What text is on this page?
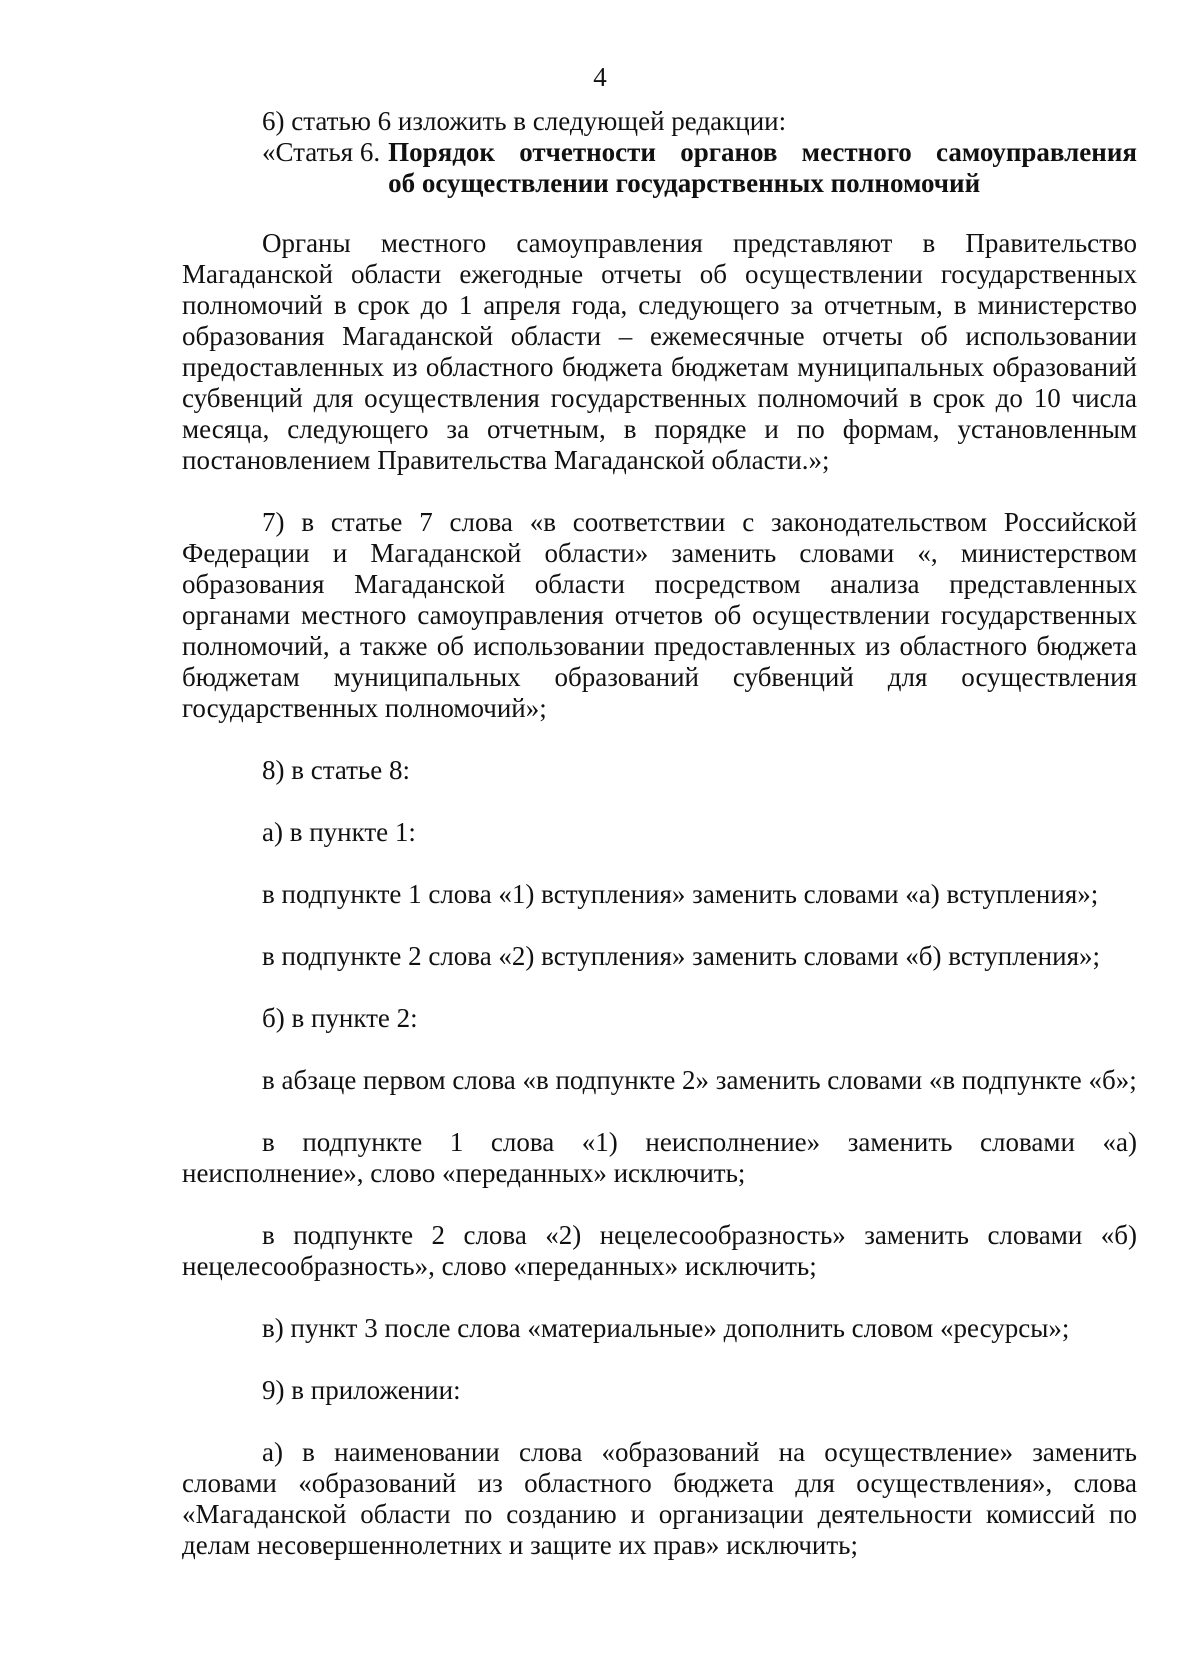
4

6) статью 6 изложить в следующей редакции:

«Статья 6. Порядок отчетности органов местного самоуправления
об осуществлении государственных полномочий

Органы местного самоуправления представляют в Правительство Магаданской области ежегодные отчеты об осуществлении государственных полномочий в срок до 1 апреля года, следующего за отчетным, в министерство образования Магаданской области – ежемесячные отчеты об использовании предоставленных из областного бюджета бюджетам муниципальных образований субвенций для осуществления государственных полномочий в срок до 10 числа месяца, следующего за отчетным, в порядке и по формам, установленным постановлением Правительства Магаданской области.»;

7) в статье 7 слова «в соответствии с законодательством Российской Федерации и Магаданской области» заменить словами «, министерством образования Магаданской области посредством анализа представленных органами местного самоуправления отчетов об осуществлении государственных полномочий, а также об использовании предоставленных из областного бюджета бюджетам муниципальных образований субвенций для осуществления государственных полномочий»;

8) в статье 8:

а) в пункте 1:

в подпункте 1 слова «1) вступления» заменить словами «а) вступления»;

в подпункте 2 слова «2) вступления» заменить словами «б) вступления»;

б) в пункте 2:

в абзаце первом слова «в подпункте 2» заменить словами «в подпункте «б»;

в подпункте 1 слова «1) неисполнение» заменить словами «а) неисполнение», слово «переданных» исключить;

в подпункте 2 слова «2) нецелесообразность» заменить словами «б) нецелесообразность», слово «переданных» исключить;

в) пункт 3 после слова «материальные» дополнить словом «ресурсы»;

9) в приложении:

а) в наименовании слова «образований на осуществление» заменить словами «образований из областного бюджета для осуществления», слова «Магаданской области по созданию и организации деятельности комиссий по делам несовершеннолетних и защите их прав» исключить;
